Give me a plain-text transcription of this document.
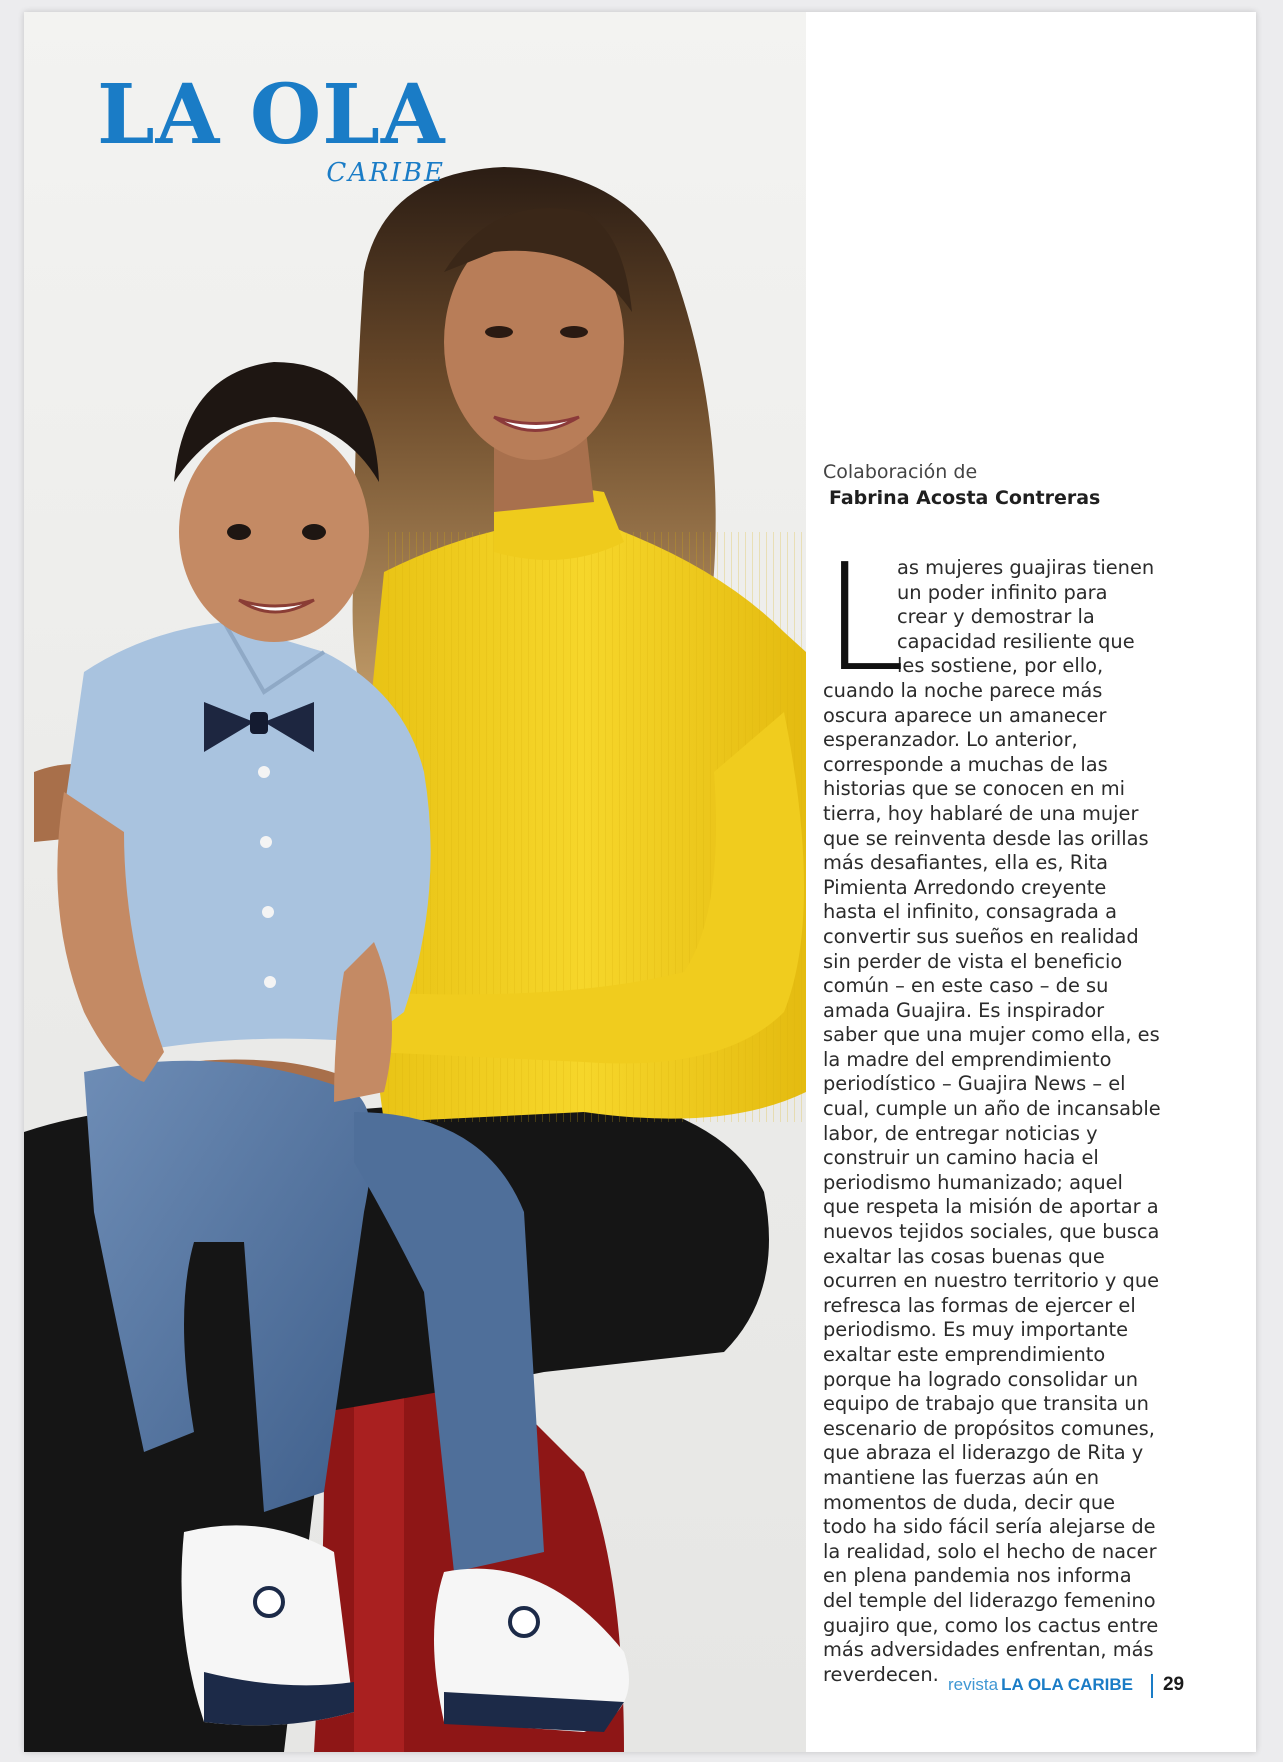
LA OLA
CARIBE
Colaboración de
Fabrina Acosta Contreras
L
as mujeres guajiras tienen un poder infinito para crear y demostrar la capacidad resiliente que les sostiene, por ello, cuando la noche parece más oscura aparece un amanecer esperanzador. Lo anterior, corresponde a muchas de las historias que se conocen en mi tierra, hoy hablaré de una mujer que se reinventa desde las orillas más desafiantes, ella es, Rita Pimienta Arredondo creyente hasta el infinito, consagrada a convertir sus sueños en realidad sin perder de vista el beneficio común – en este caso – de su amada Guajira. Es inspirador saber que una mujer como ella, es la madre del emprendimiento periodístico – Guajira News – el cual, cumple un año de incansable labor, de entregar noticias y construir un camino hacia el periodismo humanizado; aquel que respeta la misión de aportar a nuevos tejidos sociales, que busca exaltar las cosas buenas que ocurren en nuestro territorio y que refresca las formas de ejercer el periodismo. Es muy importante exaltar este emprendimiento porque ha logrado consolidar un equipo de trabajo que transita un escenario de propósitos comunes, que abraza el liderazgo de Rita y mantiene las fuerzas aún en momentos de duda, decir que todo ha sido fácil sería alejarse de la realidad, solo el hecho de nacer en plena pandemia nos informa del temple del liderazgo femenino guajiro que, como los cactus entre más adversidades enfrentan, más reverdecen. revista LA OLA CARIBE 29
